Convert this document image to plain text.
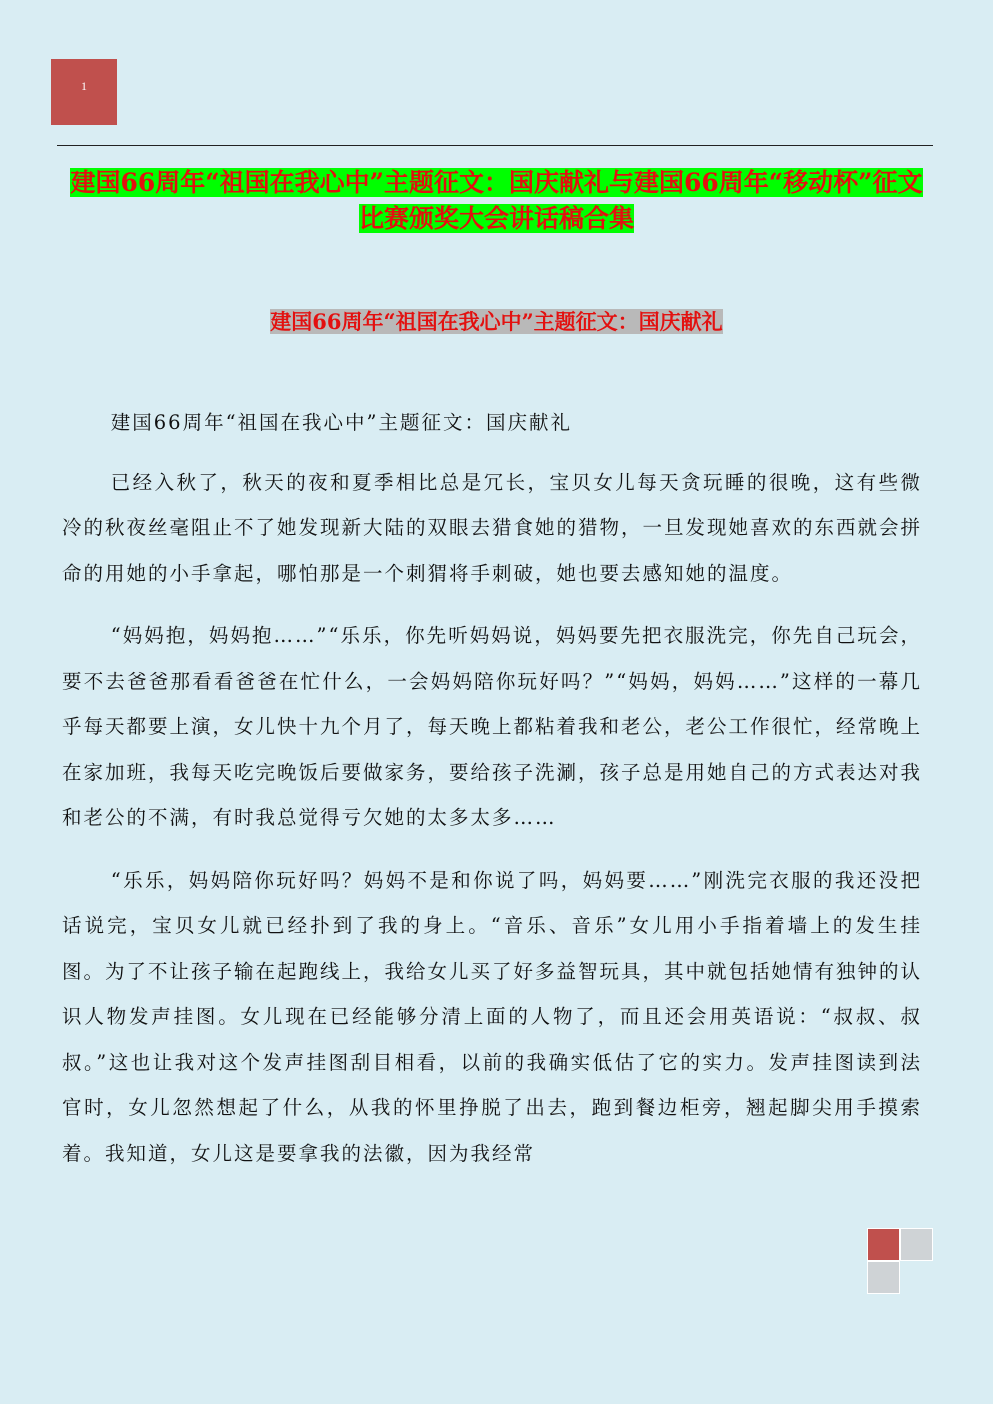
1
建国66周年“祖国在我心中”主题征文：国庆献礼与建国66周年“移动杯”征文比赛颁奖大会讲话稿合集
建国66周年“祖国在我心中”主题征文：国庆献礼

建国66周年“祖国在我心中”主题征文：国庆献礼

已经入秋了，秋天的夜和夏季相比总是冗长，宝贝女儿每天贪玩睡的很晚，这有些微冷的秋夜丝毫阻止不了她发现新大陆的双眼去猎食她的猎物，一旦发现她喜欢的东西就会拼命的用她的小手拿起，哪怕那是一个刺猬将手刺破，她也要去感知她的温度。

“妈妈抱，妈妈抱……”“乐乐，你先听妈妈说，妈妈要先把衣服洗完，你先自己玩会，要不去爸爸那看看爸爸在忙什么，一会妈妈陪你玩好吗？”“妈妈，妈妈……”这样的一幕几乎每天都要上演，女儿快十九个月了，每天晚上都粘着我和老公，老公工作很忙，经常晚上在家加班，我每天吃完晚饭后要做家务，要给孩子洗涮，孩子总是用她自己的方式表达对我和老公的不满，有时我总觉得亏欠她的太多太多……

“乐乐，妈妈陪你玩好吗？妈妈不是和你说了吗，妈妈要……”刚洗完衣服的我还没把话说完，宝贝女儿就已经扑到了我的身上。“音乐、音乐”女儿用小手指着墙上的发生挂图。为了不让孩子输在起跑线上，我给女儿买了好多益智玩具，其中就包括她情有独钟的认识人物发声挂图。女儿现在已经能够分清上面的人物了，而且还会用英语说：“叔叔、叔叔。”这也让我对这个发声挂图刮目相看，以前的我确实低估了它的实力。发声挂图读到法官时，女儿忽然想起了什么，从我的怀里挣脱了出去，跑到餐边柜旁，翘起脚尖用手摸索着。我知道，女儿这是要拿我的法徽，因为我经常
